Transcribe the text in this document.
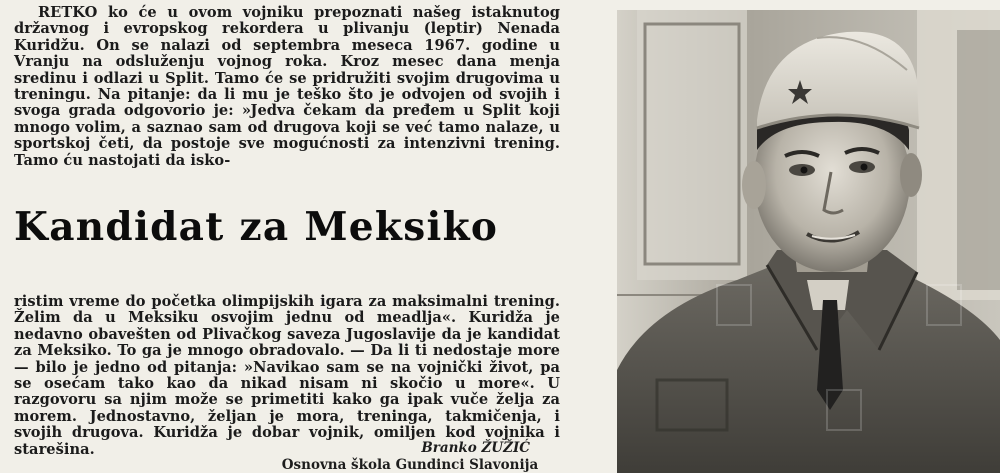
RETKO ko će u ovom vojniku prepoznati našeg istaknutog državnog i evropskog rekordera u plivanju (leptir) Nenada Kuridžu. On se nalazi od septembra meseca 1967. godine u Vranju na odsluženju vojnog roka. Kroz mesec dana menja sredinu i odlazi u Split. Tamo će se pridružiti svojim drugovima u treningu. Na pitanje: da li mu je teško što je odvojen od svojih i svoga grada odgovorio je: »Jedva čekam da pređem u Split koji mnogo volim, a saznao sam od drugova koji se već tamo nalaze, u sportskoj četi, da postoje sve mogućnosti za intenzivni trening. Tamo ću nastojati da isko-

Kandidat za Meksiko

ristim vreme do početka olimpijskih igara za maksimalni trening. Želim da u Meksiku osvojim jednu od meadlja«. Kuridža je nedavno obavešten od Plivačkog saveza Jugoslavije da je kandidat za Meksiko. To ga je mnogo obradovalo. — Da li ti nedostaje more — bilo je jedno od pitanja: »Navikao sam se na vojnički život, pa se osećam tako kao da nikad nisam ni skočio u more«. U razgovoru sa njim može se primetiti kako ga ipak vuče želja za morem. Jednostavno, željan je mora, treninga, takmičenja, i svojih drugova. Kuridža je dobar vojnik, omiljen kod vojnika i starešina.	Branko ŽUŽIĆ
Osnovna škola Gundinci Slavonija
